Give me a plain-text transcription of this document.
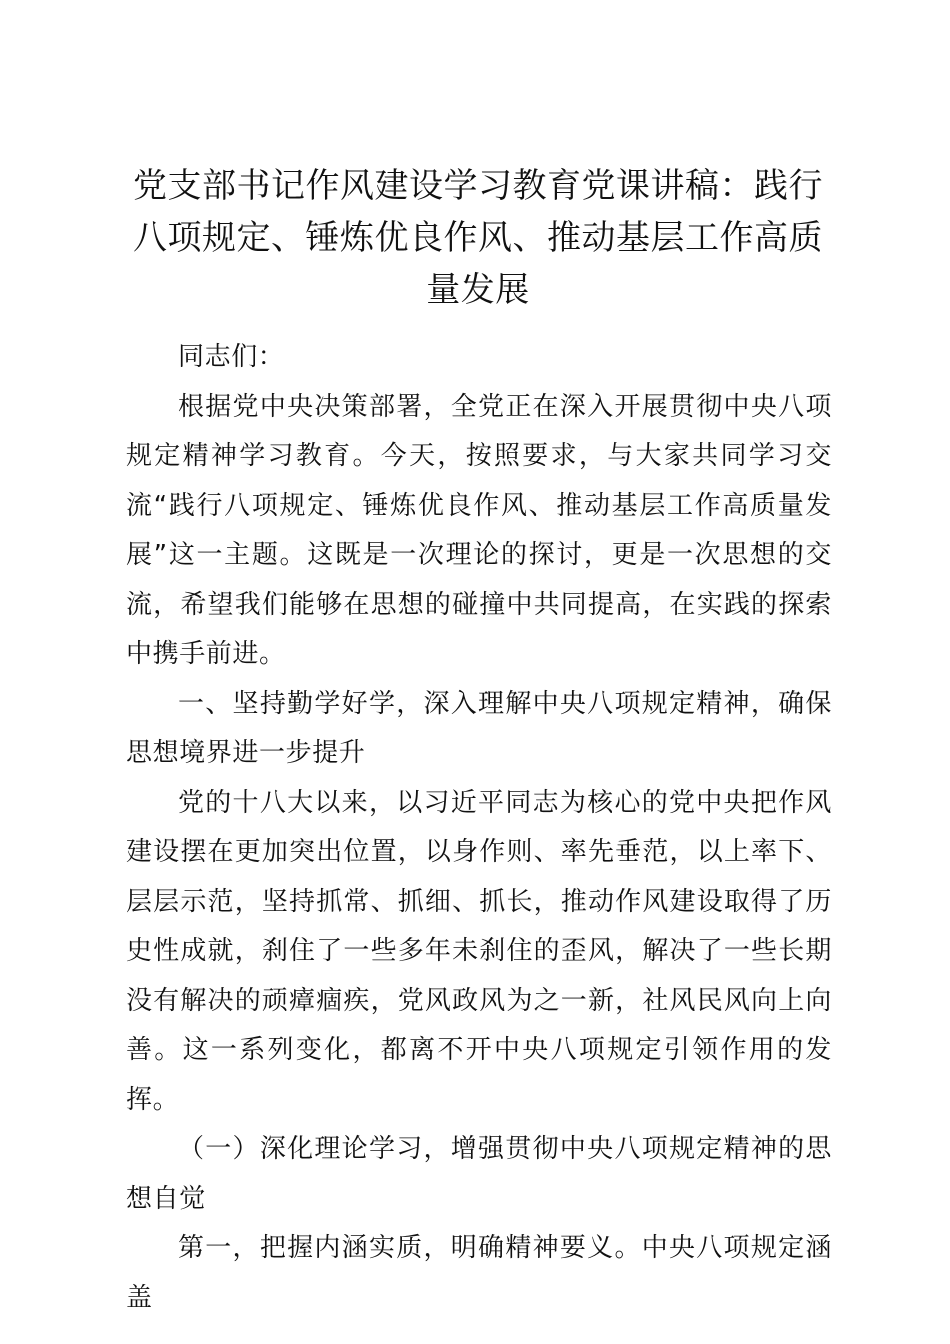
党支部书记作风建设学习教育党课讲稿：践行八项规定、锤炼优良作风、推动基层工作高质量发展

同志们：

根据党中央决策部署，全党正在深入开展贯彻中央八项规定精神学习教育。今天，按照要求，与大家共同学习交流“践行八项规定、锤炼优良作风、推动基层工作高质量发展”这一主题。这既是一次理论的探讨，更是一次思想的交流，希望我们能够在思想的碰撞中共同提高，在实践的探索中携手前进。

一、坚持勤学好学，深入理解中央八项规定精神，确保思想境界进一步提升

党的十八大以来，以习近平同志为核心的党中央把作风建设摆在更加突出位置，以身作则、率先垂范，以上率下、层层示范，坚持抓常、抓细、抓长，推动作风建设取得了历史性成就，刹住了一些多年未刹住的歪风，解决了一些长期没有解决的顽瘴痼疾，党风政风为之一新，社风民风向上向善。这一系列变化，都离不开中央八项规定引领作用的发挥。

（一）深化理论学习，增强贯彻中央八项规定精神的思想自觉

第一，把握内涵实质，明确精神要义。中央八项规定涵盖
